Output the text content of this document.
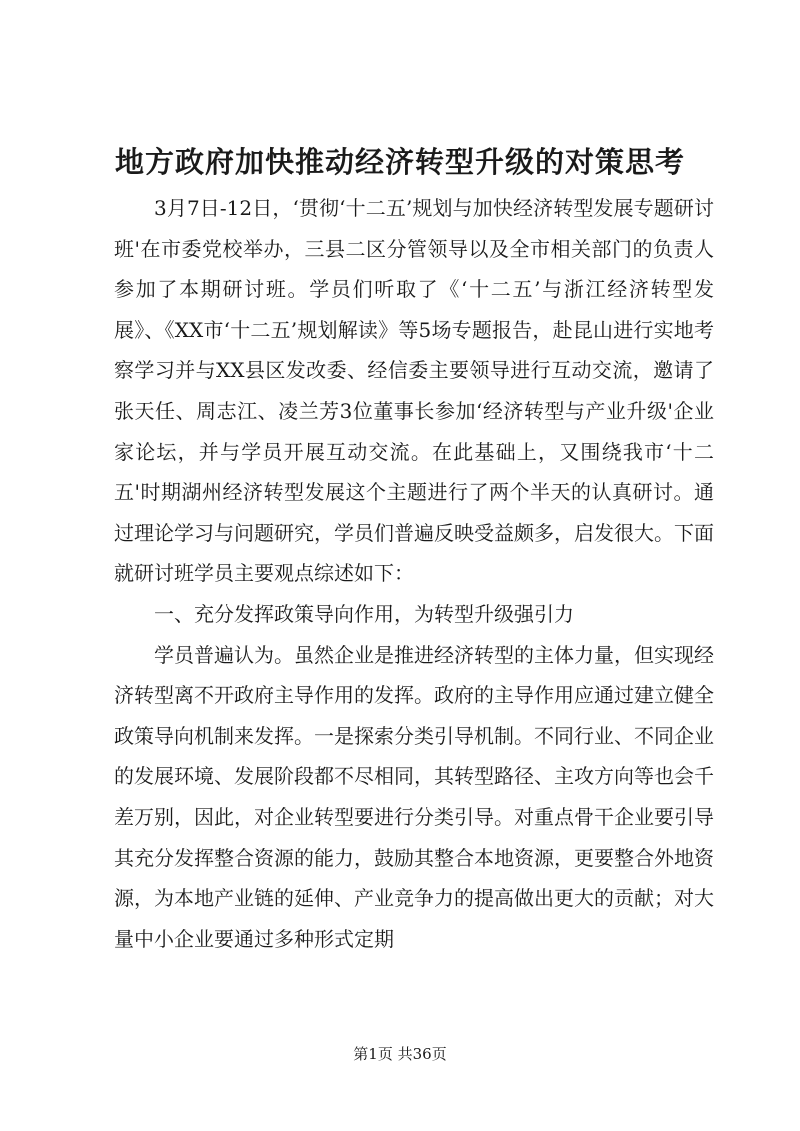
地方政府加快推动经济转型升级的对策思考

3月7日-12日，‘贯彻‘十二五’规划与加快经济转型发展专题研讨班'在市委党校举办，三县二区分管领导以及全市相关部门的负责人参加了本期研讨班。学员们听取了《‘十二五’与浙江经济转型发展》、《XX市‘十二五’规划解读》等5场专题报告，赴昆山进行实地考察学习并与XX县区发改委、经信委主要领导进行互动交流，邀请了张天任、周志江、凌兰芳3位董事长参加‘经济转型与产业升级'企业家论坛，并与学员开展互动交流。在此基础上，又围绕我市‘十二五'时期湖州经济转型发展这个主题进行了两个半天的认真研讨。通过理论学习与问题研究，学员们普遍反映受益颇多，启发很大。下面就研讨班学员主要观点综述如下：

一、充分发挥政策导向作用，为转型升级强引力

学员普遍认为。虽然企业是推进经济转型的主体力量，但实现经济转型离不开政府主导作用的发挥。政府的主导作用应通过建立健全政策导向机制来发挥。一是探索分类引导机制。不同行业、不同企业的发展环境、发展阶段都不尽相同，其转型路径、主攻方向等也会千差万别，因此，对企业转型要进行分类引导。对重点骨干企业要引导其充分发挥整合资源的能力，鼓励其整合本地资源，更要整合外地资源，为本地产业链的延伸、产业竞争力的提高做出更大的贡献；对大量中小企业要通过多种形式定期

第1页 共36页
